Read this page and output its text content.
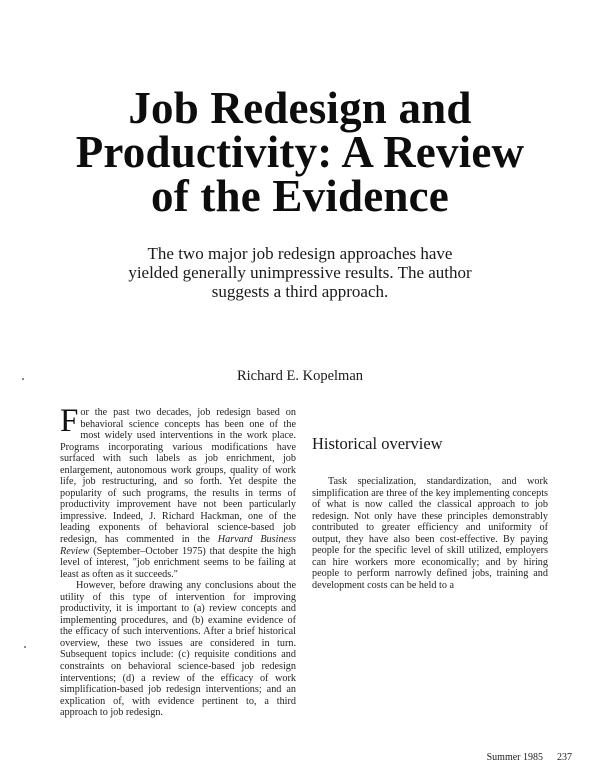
Job Redesign and
Productivity: A Review
of the Evidence
The two major job redesign approaches have
yielded generally unimpressive results. The author
suggests a third approach.
Richard E. Kopelman

For the past two decades, job redesign based on behavioral science concepts has been one of the most widely used interventions in the work place. Programs incorporating various modifications have surfaced with such labels as job enrichment, job enlargement, autonomous work groups, quality of work life, job restructuring, and so forth. Yet despite the popularity of such programs, the results in terms of productivity improvement have not been particularly impressive. Indeed, J. Richard Hackman, one of the leading exponents of behavioral science-based job redesign, has commented in the Harvard Business Review (September–October 1975) that despite the high level of interest, "job enrichment seems to be failing at least as often as it succeeds."

However, before drawing any conclusions about the utility of this type of intervention for improving productivity, it is important to (a) review concepts and implementing procedures, and (b) examine evidence of the efficacy of such interventions. After a brief historical overview, these two issues are considered in turn. Subsequent topics include: (c) requisite conditions and constraints on behavioral science-based job redesign interventions; (d) a review of the efficacy of work simplification-based job redesign interventions; and an explication of, with evidence pertinent to, a third approach to job redesign.

Historical overview

Task specialization, standardization, and work simplification are three of the key implementing concepts of what is now called the classical approach to job redesign. Not only have these principles demonstrably contributed to greater efficiency and uniformity of output, they have also been cost-effective. By paying people for the specific level of skill utilized, employers can hire workers more economically; and by hiring people to perform narrowly defined jobs, training and development costs can be held to a

Summer 1985 237
